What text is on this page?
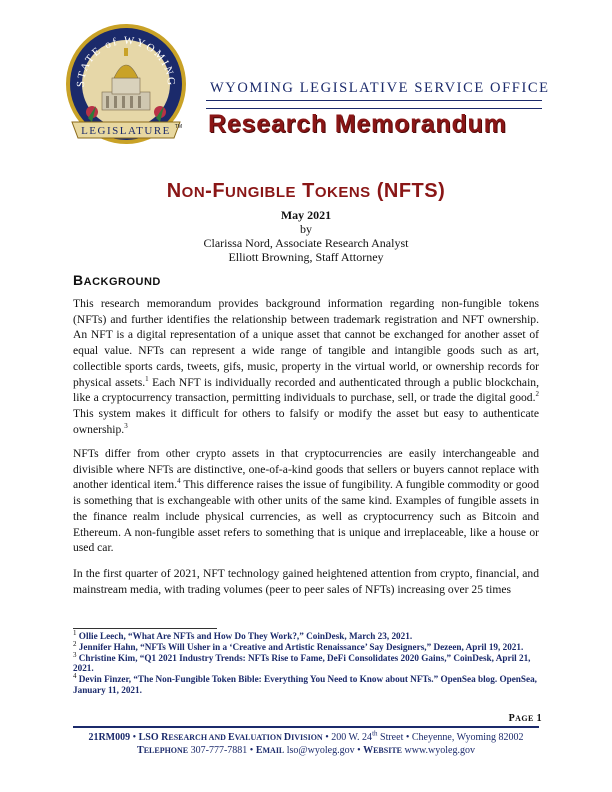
STATE of WYOMING
LEGISLATURE TM
WYOMING LEGISLATIVE SERVICE OFFICE
Research Memorandum
NON-FUNGIBLE TOKENS (NFTS)
May 2021
by
Clarissa Nord, Associate Research Analyst
Elliott Browning, Staff Attorney
BACKGROUND
This research memorandum provides background information regarding non-fungible tokens (NFTs) and further identifies the relationship between trademark registration and NFT ownership. An NFT is a digital representation of a unique asset that cannot be exchanged for another asset of equal value. NFTs can represent a wide range of tangible and intangible goods such as art, collectible sports cards, tweets, gifs, music, property in the virtual world, or ownership records for physical assets.$^1$ Each NFT is individually recorded and authenticated through a public blockchain, like a cryptocurrency transaction, permitting individuals to purchase, sell, or trade the digital good.$^2$ This system makes it difficult for others to falsify or modify the asset but easy to authenticate ownership.$^3$
NFTs differ from other crypto assets in that cryptocurrencies are easily interchangeable and divisible where NFTs are distinctive, one-of-a-kind goods that sellers or buyers cannot replace with another identical item.$^4$ This difference raises the issue of fungibility. A fungible commodity or good is something that is exchangeable with other units of the same kind. Examples of fungible assets in the finance realm include physical currencies, as well as cryptocurrency such as Bitcoin and Ethereum. A non-fungible asset refers to something that is unique and irreplaceable, like a house or used car.
In the first quarter of 2021, NFT technology gained heightened attention from crypto, financial, and mainstream media, with trading volumes (peer to peer sales of NFTs) increasing over 25 times

$^1$ Ollie Leech, “What Are NFTs and How Do They Work?,” CoinDesk, March 23, 2021.

$^2$ Jennifer Hahn, “NFTs Will Usher in a ‘Creative and Artistic Renaissance’ Say Designers,” Dezeen, April 19, 2021.

$^3$ Christine Kim, “Q1 2021 Industry Trends: NFTs Rise to Fame, DeFi Consolidates 2020 Gains,” CoinDesk, April 21, 2021.

$^4$ Devin Finzer, “The Non-Fungible Token Bible: Everything You Need to Know about NFTs.” OpenSea blog. OpenSea, January 11, 2021.

PAGE 1
21RM009 • LSO RESEARCH AND EVALUATION DIVISION • 200 W. 24th Street • Cheyenne, Wyoming 82002
TELEPHONE 307-777-7881 • EMAIL lso@wyoleg.gov • WEBSITE www.wyoleg.gov
